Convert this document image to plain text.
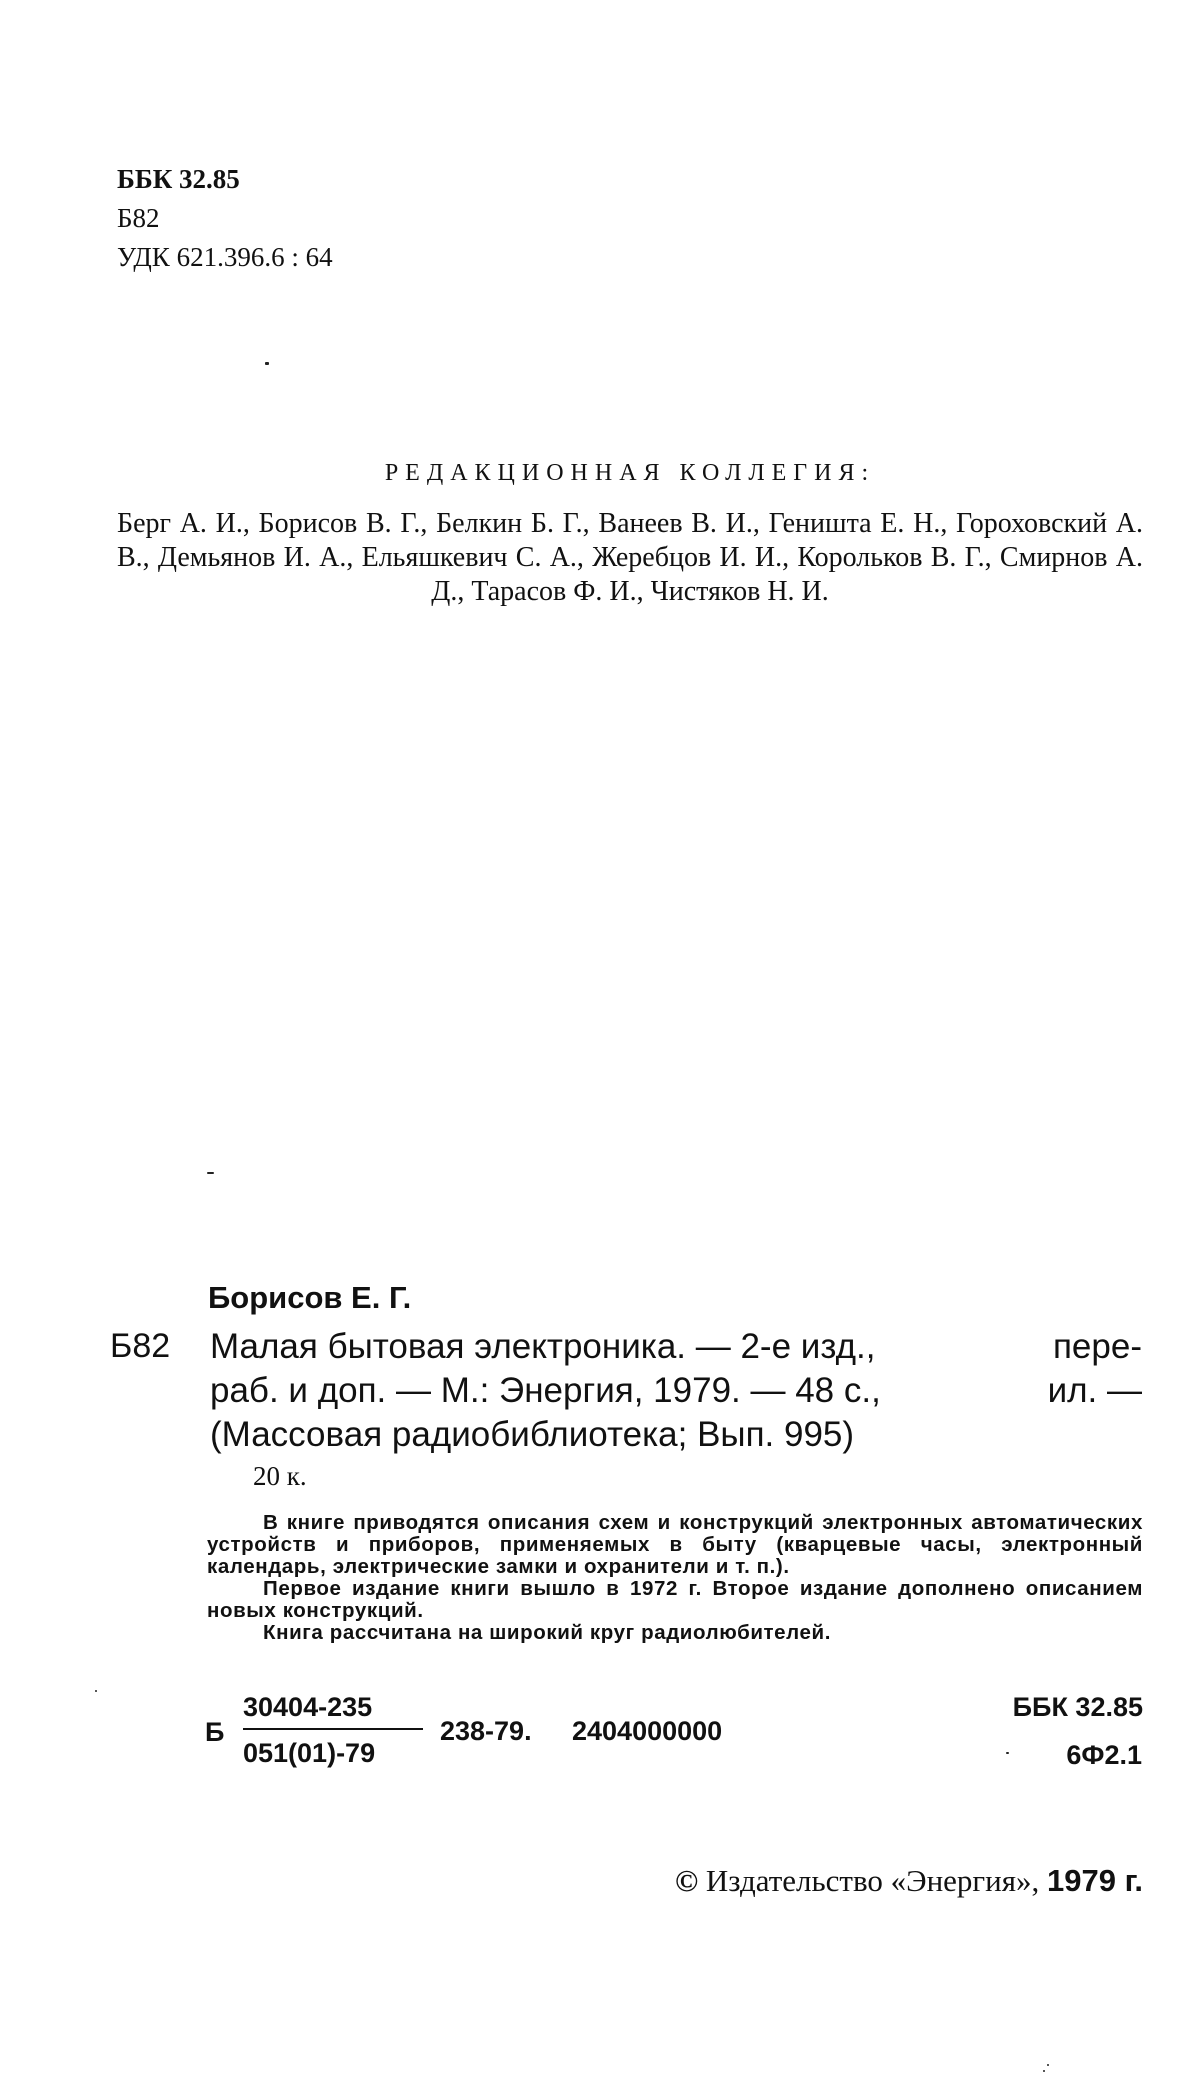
ББК 32.85
Б82
УДК 621.396.6 : 64
РЕДАКЦИОННАЯ КОЛЛЕГИЯ:
Берг А. И., Борисов В. Г., Белкин Б. Г., Ванеев В. И., Геништа Е. Н., Гороховский А. В., Демьянов И. А., Ельяшкевич С. А., Жеребцов И. И., Корольков В. Г., Смирнов А. Д., Тарасов Ф. И., Чистяков Н. И.
Борисов Е. Г.
Б82 Малая бытовая электроника. — 2-е изд.,	пере-
раб. и доп. — М.: Энергия, 1979. — 48 с.,	ил. —
(Массовая радиобиблиотека; Вып. 995)
20 к.

В книге приводятся описания схем и конструкций электронных автоматических устройств и приборов, применяемых в быту (кварцевые часы, электронный календарь, электрические замки и охранители и т. п.).

Первое издание книги вышло в 1972 г. Второе издание дополнено описанием новых конструкций.

Книга рассчитана на широкий круг радиолюбителей.

Б
30404-235
051(01)-79
238-79. 2404000000
ББК 32.85
6Ф2.1
© Издательство «Энергия», 1979 г.
